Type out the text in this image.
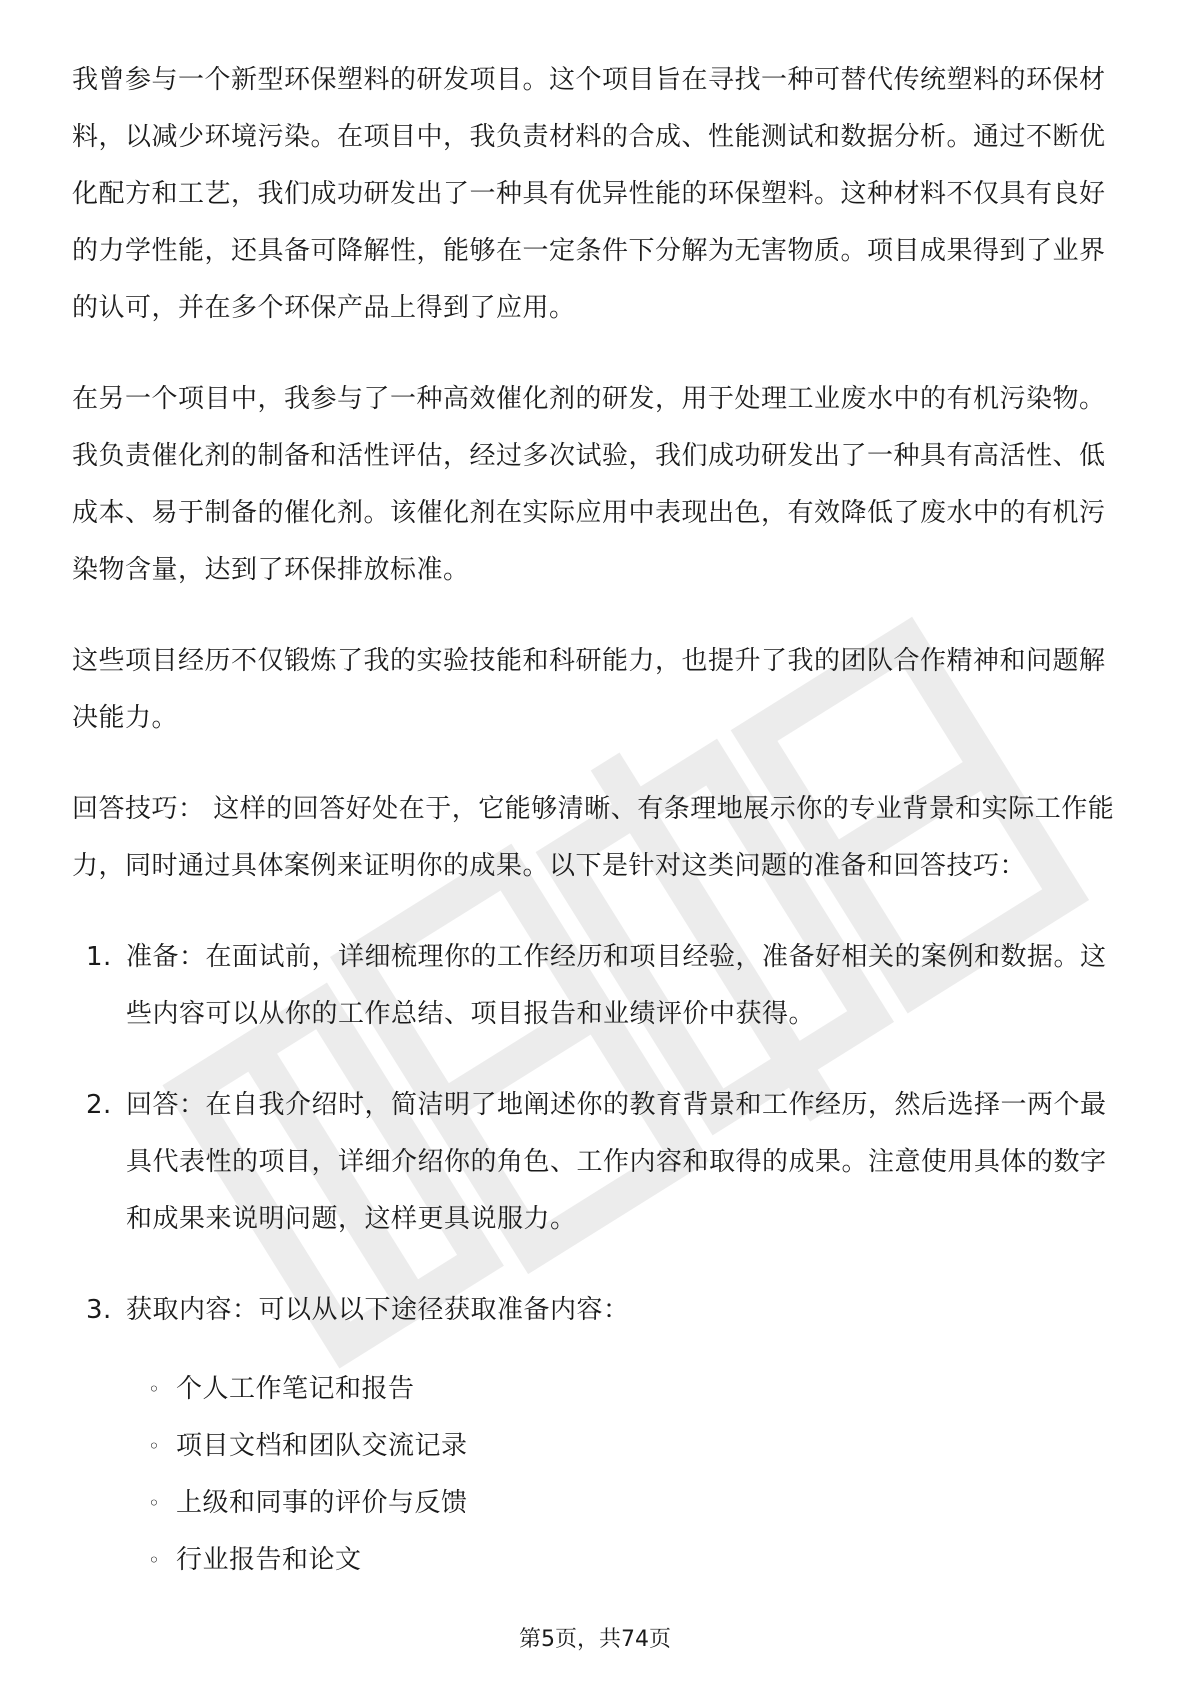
我曾参与一个新型环保塑料的研发项目。这个项目旨在寻找一种可替代传统塑料的环保材料，以减少环境污染。在项目中，我负责材料的合成、性能测试和数据分析。通过不断优化配方和工艺，我们成功研发出了一种具有优异性能的环保塑料。这种材料不仅具有良好的力学性能，还具备可降解性，能够在一定条件下分解为无害物质。项目成果得到了业界的认可，并在多个环保产品上得到了应用。

在另一个项目中，我参与了一种高效催化剂的研发，用于处理工业废水中的有机污染物。我负责催化剂的制备和活性评估，经过多次试验，我们成功研发出了一种具有高活性、低成本、易于制备的催化剂。该催化剂在实际应用中表现出色，有效降低了废水中的有机污染物含量，达到了环保排放标准。

这些项目经历不仅锻炼了我的实验技能和科研能力，也提升了我的团队合作精神和问题解决能力。

回答技巧： 这样的回答好处在于，它能够清晰、有条理地展示你的专业背景和实际工作能力，同时通过具体案例来证明你的成果。以下是针对这类问题的准备和回答技巧：

1. 准备：在面试前，详细梳理你的工作经历和项目经验，准备好相关的案例和数据。这些内容可以从你的工作总结、项目报告和业绩评价中获得。
2. 回答：在自我介绍时，简洁明了地阐述你的教育背景和工作经历，然后选择一两个最具代表性的项目，详细介绍你的角色、工作内容和取得的成果。注意使用具体的数字和成果来说明问题，这样更具说服力。
3. 获取内容：可以从以下途径获取准备内容：
◦ 个人工作笔记和报告
◦ 项目文档和团队交流记录
◦ 上级和同事的评价与反馈
◦ 行业报告和论文
第5页，共74页
